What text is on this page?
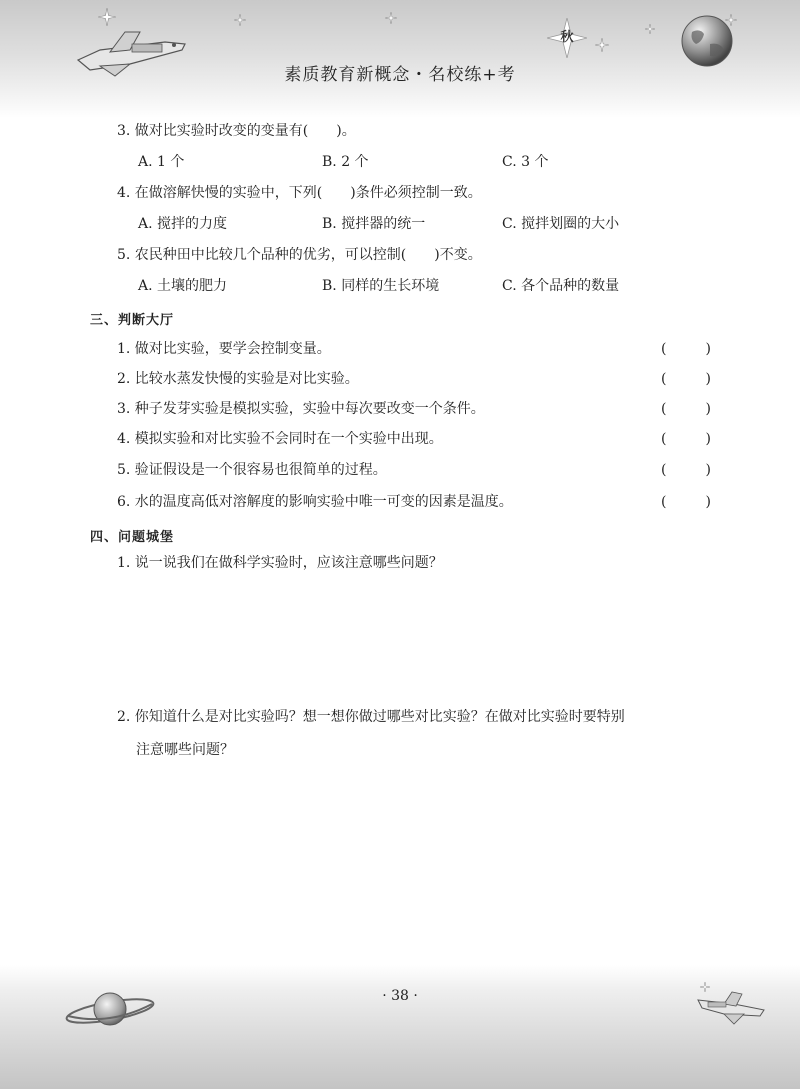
秋
素质教育新概念・名校练+考
3. 做对比实验时改变的变量有(　　)。
A. 1 个	B. 2 个	C. 3 个
4. 在做溶解快慢的实验中，下列(　　)条件必须控制一致。
A. 搅拌的力度	B. 搅拌器的统一	C. 搅拌划圈的大小
5. 农民种田中比较几个品种的优劣，可以控制(　　)不变。
A. 土壤的肥力	B. 同样的生长环境	C. 各个品种的数量
三、判断大厅
1. 做对比实验，要学会控制变量。	(	)
2. 比较水蒸发快慢的实验是对比实验。	(	)
3. 种子发芽实验是模拟实验，实验中每次要改变一个条件。	(	)
4. 模拟实验和对比实验不会同时在一个实验中出现。	(	)
5. 验证假设是一个很容易也很简单的过程。	(	)
6. 水的温度高低对溶解度的影响实验中唯一可变的因素是温度。	(	)
四、问题城堡
1. 说一说我们在做科学实验时，应该注意哪些问题？
2. 你知道什么是对比实验吗？想一想你做过哪些对比实验？在做对比实验时要特别
注意哪些问题？
· 38 ·
